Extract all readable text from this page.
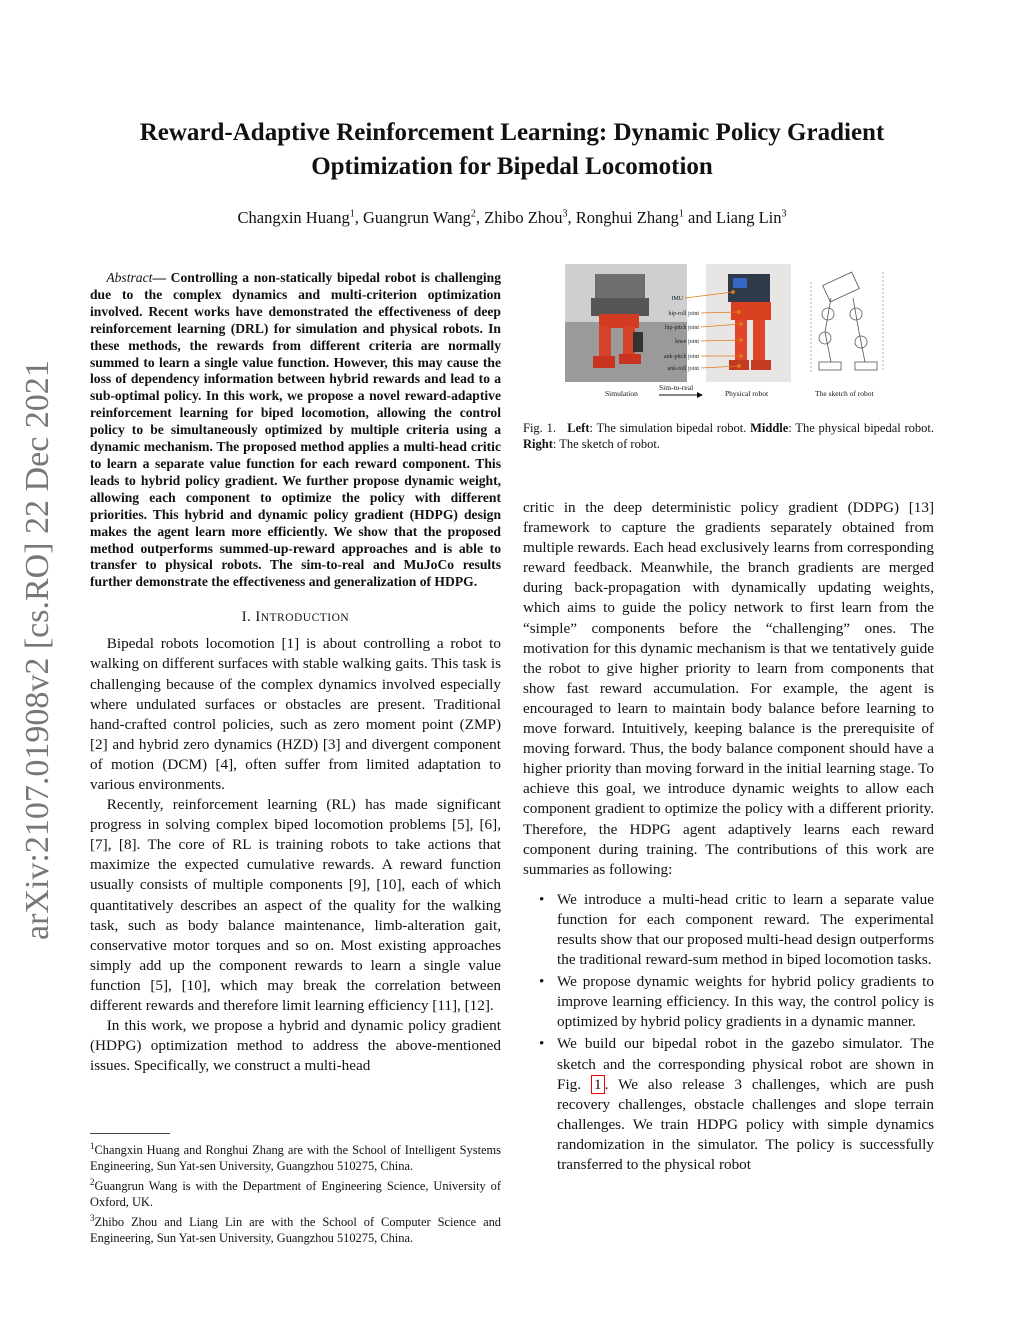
arXiv:2107.01908v2 [cs.RO] 22 Dec 2021
Reward-Adaptive Reinforcement Learning: Dynamic Policy Gradient
Optimization for Bipedal Locomotion
Changxin Huang$^1$, Guangrun Wang$^2$, Zhibo Zhou$^3$, Ronghui Zhang$^1$ and Liang Lin$^3$
Abstract— Controlling a non-statically bipedal robot is challenging due to the complex dynamics and multi-criterion optimization involved. Recent works have demonstrated the effectiveness of deep reinforcement learning (DRL) for simulation and physical robots. In these methods, the rewards from different criteria are normally summed to learn a single value function. However, this may cause the loss of dependency information between hybrid rewards and lead to a sub-optimal policy. In this work, we propose a novel reward-adaptive reinforcement learning for biped locomotion, allowing the control policy to be simultaneously optimized by multiple criteria using a dynamic mechanism. The proposed method applies a multi-head critic to learn a separate value function for each reward component. This leads to hybrid policy gradient. We further propose dynamic weight, allowing each component to optimize the policy with different priorities. This hybrid and dynamic policy gradient (HDPG) design makes the agent learn more efficiently. We show that the proposed method outperforms summed-up-reward approaches and is able to transfer to physical robots. The sim-to-real and MuJoCo results further demonstrate the effectiveness and generalization of HDPG.
I. INTRODUCTION

Bipedal robots locomotion [1] is about controlling a robot to walking on different surfaces with stable walking gaits. This task is challenging because of the complex dynamics involved especially where undulated surfaces or obstacles are present. Traditional hand-crafted control policies, such as zero moment point (ZMP) [2] and hybrid zero dynamics (HZD) [3] and divergent component of motion (DCM) [4], often suffer from limited adaptation to various environments.

Recently, reinforcement learning (RL) has made significant progress in solving complex biped locomotion problems [5], [6], [7], [8]. The core of RL is training robots to take actions that maximize the expected cumulative rewards. A reward function usually consists of multiple components [9], [10], each of which quantitatively describes an aspect of the quality for the walking task, such as body balance maintenance, limb-alteration gait, conservative motor torques and so on. Most existing approaches simply add up the component rewards to learn a single value function [5], [10], which may break the correlation between different rewards and therefore limit learning efficiency [11], [12].

In this work, we propose a hybrid and dynamic policy gradient (HDPG) optimization method to address the above-mentioned issues. Specifically, we construct a multi-head

$^1$Changxin Huang and Ronghui Zhang are with the School of Intelligent Systems Engineering, Sun Yat-sen University, Guangzhou 510275, China.

$^2$Guangrun Wang is with the Department of Engineering Science, University of Oxford, UK.

$^3$Zhibo Zhou and Liang Lin are with the School of Computer Science and Engineering, Sun Yat-sen University, Guangzhou 510275, China.

IMU
hip-roll joint
hip-pitch joint
knee joint
ank-pitch joint
ank-roll joint
Simulation
Sim-to-real
Physical robot	The sketch of robot
Fig. 1. Left: The simulation bipedal robot. Middle: The physical bipedal robot. Right: The sketch of robot.

critic in the deep deterministic policy gradient (DDPG) [13] framework to capture the gradients separately obtained from multiple rewards. Each head exclusively learns from corresponding reward feedback. Meanwhile, the branch gradients are merged during back-propagation with dynamically updating weights, which aims to guide the policy network to first learn from the “simple” components before the “challenging” ones. The motivation for this dynamic mechanism is that we tentatively guide the robot to give higher priority to learn from components that show fast reward accumulation. For example, the agent is encouraged to learn to maintain body balance before learning to move forward. Intuitively, keeping balance is the prerequisite of moving forward. Thus, the body balance component should have a higher priority than moving forward in the initial learning stage. To achieve this goal, we introduce dynamic weights to allow each component gradient to optimize the policy with a different priority. Therefore, the HDPG agent adaptively learns each reward component during training. The contributions of this work are summaries as following:

• We introduce a multi-head critic to learn a separate value function for each component reward. The experimental results show that our proposed multi-head design outperforms the traditional reward-sum method in biped locomotion tasks.
• We propose dynamic weights for hybrid policy gradients to improve learning efficiency. In this way, the control policy is optimized by hybrid policy gradients in a dynamic manner.
• We build our bipedal robot in the gazebo simulator. The sketch and the corresponding physical robot are shown in Fig. 1 . We also release 3 challenges, which are push recovery challenges, obstacle challenges and slope terrain challenges. We train HDPG policy with simple dynamics randomization in the simulator. The policy is successfully transferred to the physical robot
